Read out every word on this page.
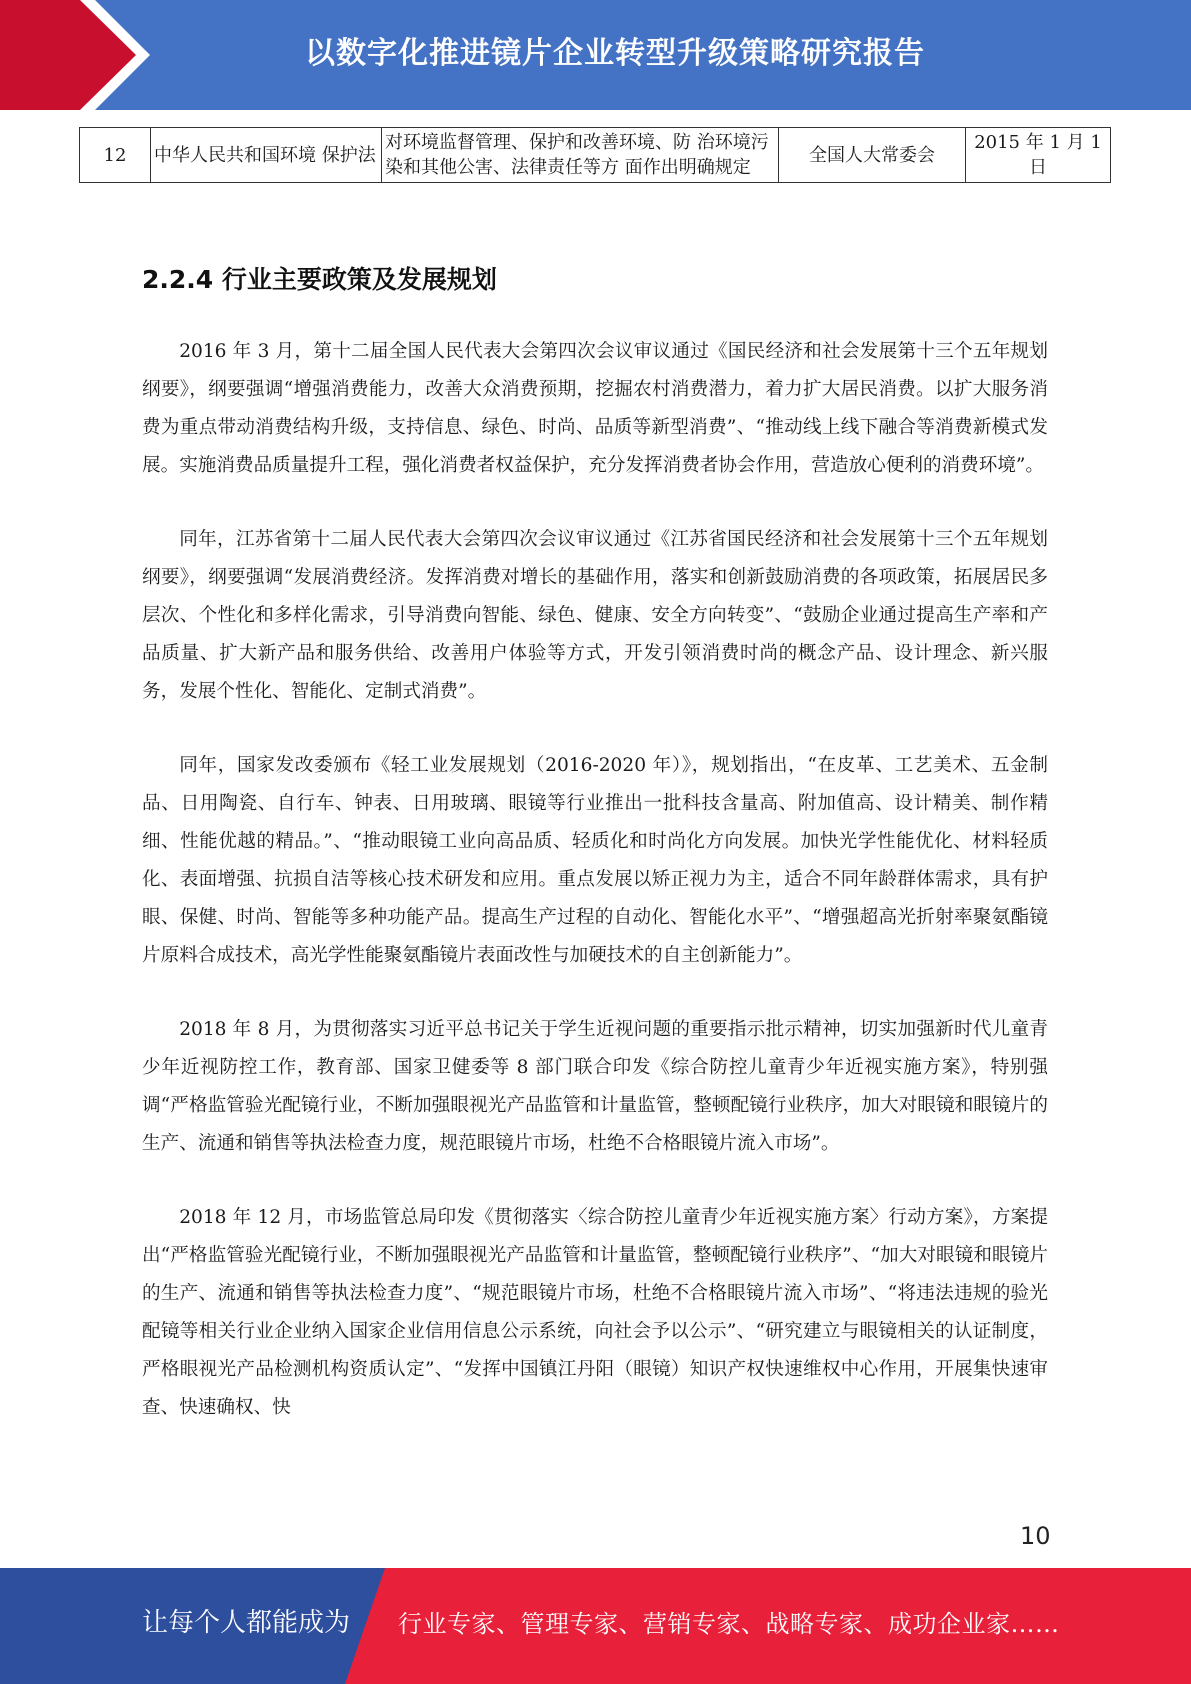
以数字化推进镜片企业转型升级策略研究报告
12	中华人民共和国环境 保护法	对环境监督管理、保护和改善环境、防 治环境污染和其他公害、法律责任等方 面作出明确规定	全国人大常委会	2015 年 1 月 1 日
2.2.4 行业主要政策及发展规划

2016 年 3 月，第十二届全国人民代表大会第四次会议审议通过《国民经济和社会发展第十三个五年规划纲要》，纲要强调“增强消费能力，改善大众消费预期，挖掘农村消费潜力，着力扩大居民消费。以扩大服务消费为重点带动消费结构升级，支持信息、绿色、时尚、品质等新型消费”、“推动线上线下融合等消费新模式发展。实施消费品质量提升工程，强化消费者权益保护，充分发挥消费者协会作用，营造放心便利的消费环境”。

同年，江苏省第十二届人民代表大会第四次会议审议通过《江苏省国民经济和社会发展第十三个五年规划纲要》，纲要强调“发展消费经济。发挥消费对增长的基础作用，落实和创新鼓励消费的各项政策，拓展居民多层次、个性化和多样化需求，引导消费向智能、绿色、健康、安全方向转变”、“鼓励企业通过提高生产率和产品质量、扩大新产品和服务供给、改善用户体验等方式，开发引领消费时尚的概念产品、设计理念、新兴服务，发展个性化、智能化、定制式消费”。

同年，国家发改委颁布《轻工业发展规划（2016-2020 年）》，规划指出，“在皮革、工艺美术、五金制品、日用陶瓷、自行车、钟表、日用玻璃、眼镜等行业推出一批科技含量高、附加值高、设计精美、制作精细、性能优越的精品。”、“推动眼镜工业向高品质、轻质化和时尚化方向发展。加快光学性能优化、材料轻质化、表面增强、抗损自洁等核心技术研发和应用。重点发展以矫正视力为主，适合不同年龄群体需求，具有护眼、保健、时尚、智能等多种功能产品。提高生产过程的自动化、智能化水平”、“增强超高光折射率聚氨酯镜片原料合成技术，高光学性能聚氨酯镜片表面改性与加硬技术的自主创新能力”。

2018 年 8 月，为贯彻落实习近平总书记关于学生近视问题的重要指示批示精神，切实加强新时代儿童青少年近视防控工作，教育部、国家卫健委等 8 部门联合印发《综合防控儿童青少年近视实施方案》，特别强调“严格监管验光配镜行业，不断加强眼视光产品监管和计量监管，整顿配镜行业秩序，加大对眼镜和眼镜片的生产、流通和销售等执法检查力度，规范眼镜片市场，杜绝不合格眼镜片流入市场”。

2018 年 12 月，市场监管总局印发《贯彻落实〈综合防控儿童青少年近视实施方案〉行动方案》，方案提出“严格监管验光配镜行业，不断加强眼视光产品监管和计量监管，整顿配镜行业秩序”、“加大对眼镜和眼镜片的生产、流通和销售等执法检查力度”、“规范眼镜片市场，杜绝不合格眼镜片流入市场”、“将违法违规的验光配镜等相关行业企业纳入国家企业信用信息公示系统，向社会予以公示”、“研究建立与眼镜相关的认证制度，严格眼视光产品检测机构资质认定”、“发挥中国镇江丹阳（眼镜）知识产权快速维权中心作用，开展集快速审查、快速确权、快

10
让每个人都能成为 行业专家、管理专家、营销专家、战略专家、成功企业家……
